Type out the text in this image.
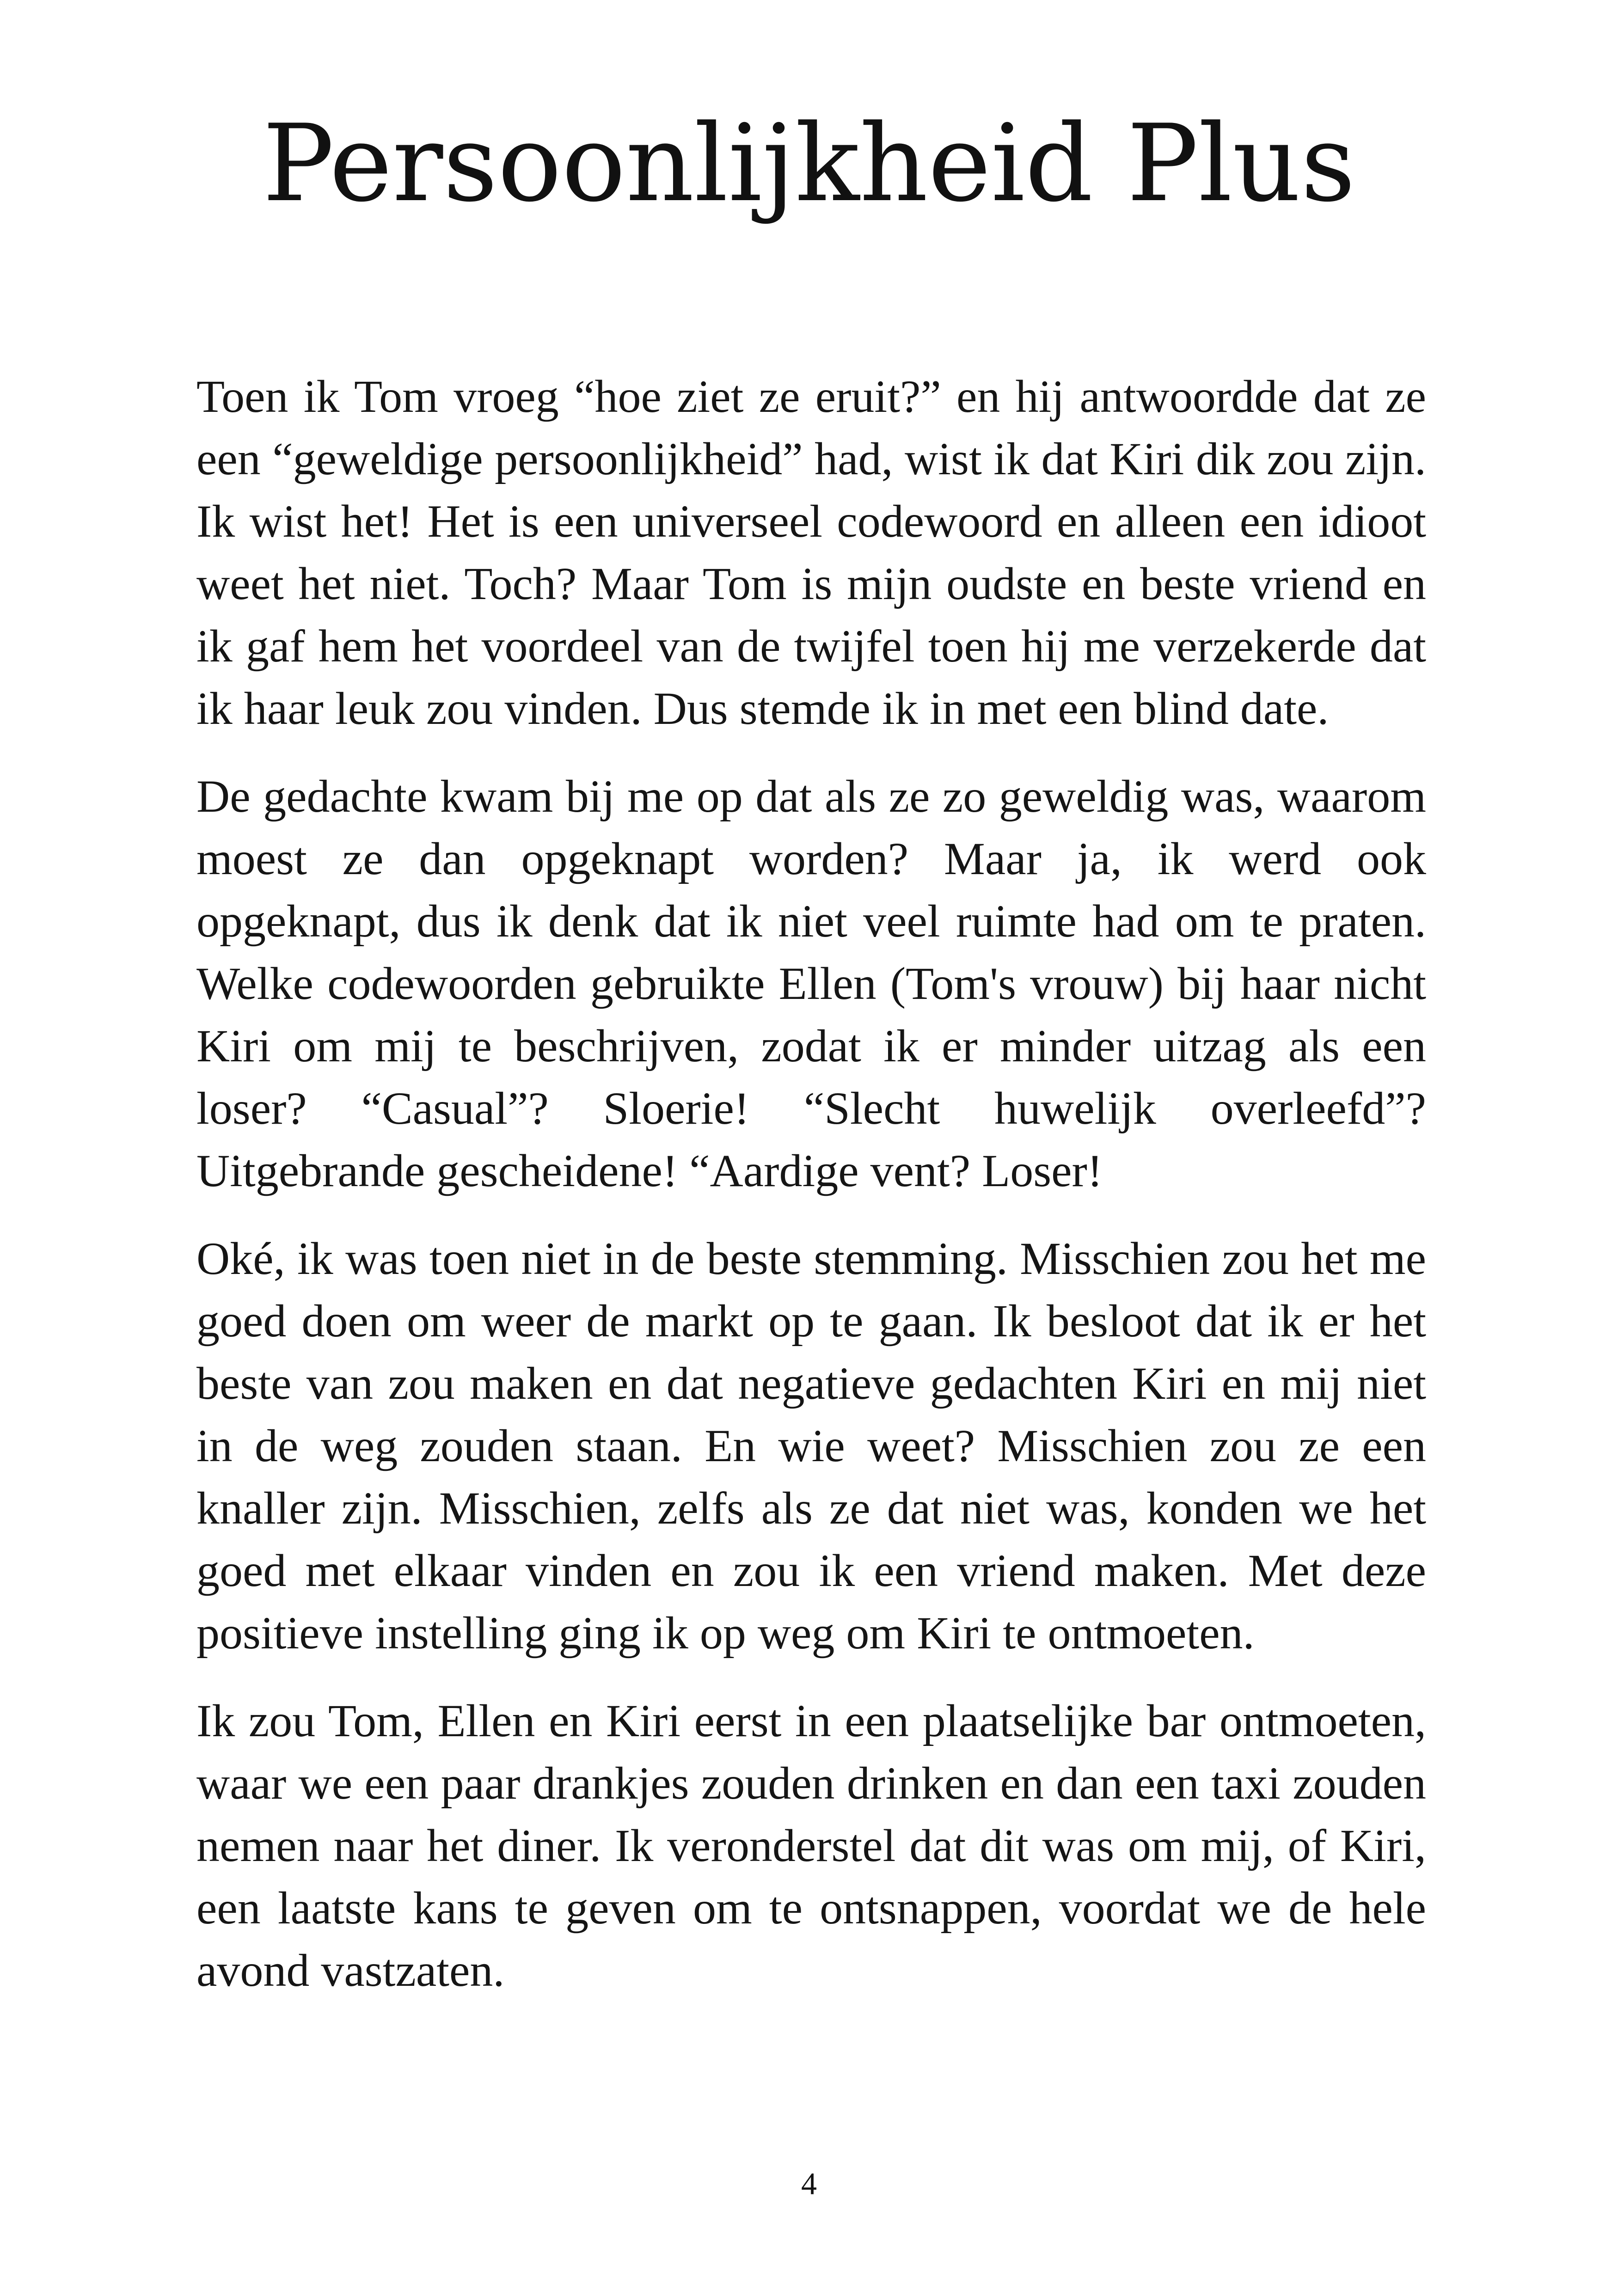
Persoonlijkheid Plus

Toen ik Tom vroeg “hoe ziet ze eruit?” en hij antwoordde dat ze een “geweldige persoonlijkheid” had, wist ik dat Kiri dik zou zijn. Ik wist het! Het is een universeel codewoord en alleen een idioot weet het niet. Toch? Maar Tom is mijn oudste en beste vriend en ik gaf hem het voordeel van de twijfel toen hij me verzekerde dat ik haar leuk zou vinden. Dus stemde ik in met een blind date.

De gedachte kwam bij me op dat als ze zo geweldig was, waarom moest ze dan opgeknapt worden? Maar ja, ik werd ook opgeknapt, dus ik denk dat ik niet veel ruimte had om te praten. Welke codewoorden gebruikte Ellen (Tom's vrouw) bij haar nicht Kiri om mij te beschrijven, zodat ik er minder uitzag als een loser? “Casual”? Sloerie! “Slecht huwelijk overleefd”? Uitgebrande gescheidene! “Aardige vent? Loser!

Oké, ik was toen niet in de beste stemming. Misschien zou het me goed doen om weer de markt op te gaan. Ik besloot dat ik er het beste van zou maken en dat negatieve gedachten Kiri en mij niet in de weg zouden staan. En wie weet? Misschien zou ze een knaller zijn. Misschien, zelfs als ze dat niet was, konden we het goed met elkaar vinden en zou ik een vriend maken. Met deze positieve instelling ging ik op weg om Kiri te ontmoeten.

Ik zou Tom, Ellen en Kiri eerst in een plaatselijke bar ontmoeten, waar we een paar drankjes zouden drinken en dan een taxi zouden nemen naar het diner. Ik veronderstel dat dit was om mij, of Kiri, een laatste kans te geven om te ontsnappen, voordat we de hele avond vastzaten.

4
